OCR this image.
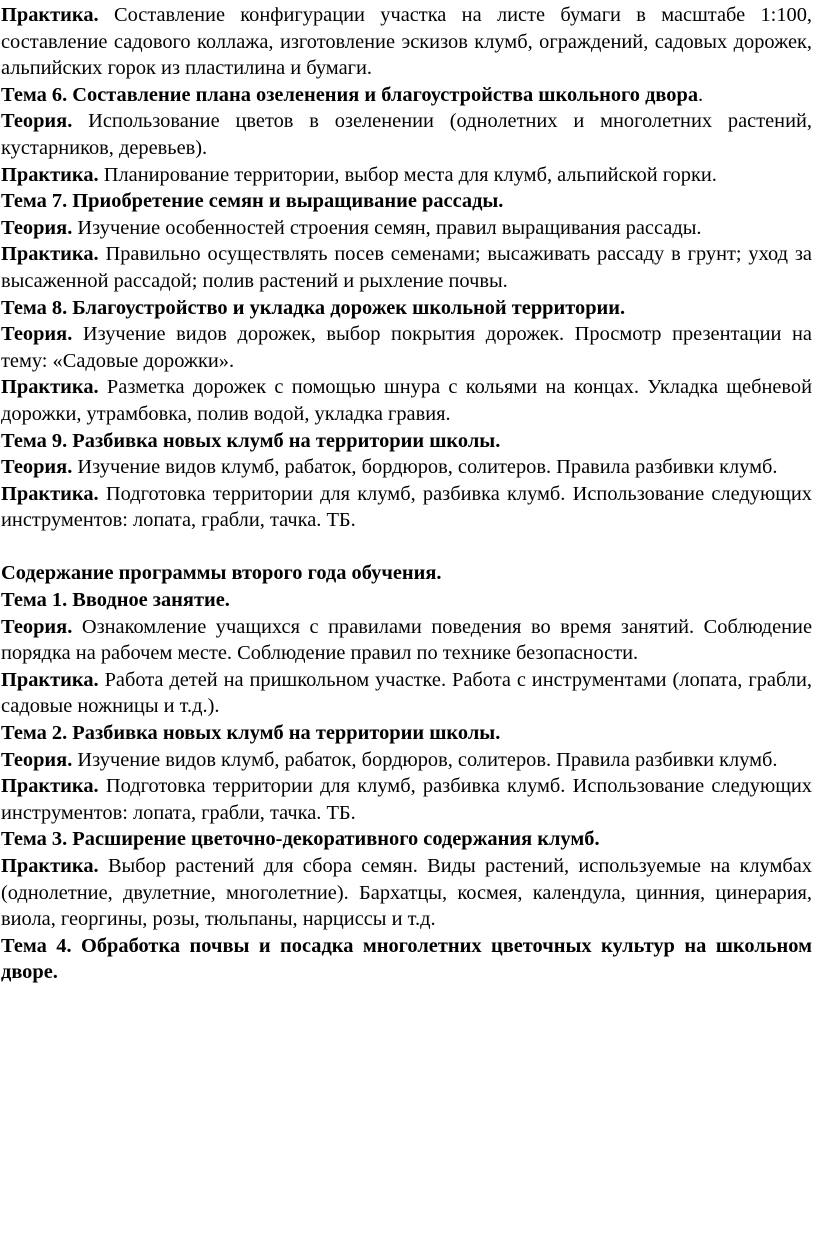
Практика. Составление конфигурации участка на листе бумаги в масштабе 1:100, составление садового коллажа, изготовление эскизов клумб, ограждений, садовых дорожек, альпийских горок из пластилина и бумаги.

Тема 6. Составление плана озеленения и благоустройства школьного двора.

Теория. Использование цветов в озеленении (однолетних и многолетних растений, кустарников, деревьев).

Практика. Планирование территории, выбор места для клумб, альпийской горки.

Тема 7. Приобретение семян и выращивание рассады.

Теория. Изучение особенностей строения семян, правил выращивания рассады.

Практика. Правильно осуществлять посев семенами; высаживать рассаду в грунт; уход за высаженной рассадой; полив растений и рыхление почвы.

Тема 8. Благоустройство и укладка дорожек школьной территории.

Теория. Изучение видов дорожек, выбор покрытия дорожек. Просмотр презентации на тему: «Садовые дорожки».

Практика. Разметка дорожек с помощью шнура с кольями на концах. Укладка щебневой дорожки, утрамбовка, полив водой, укладка гравия.

Тема 9. Разбивка новых клумб на территории школы.

Теория. Изучение видов клумб, рабаток, бордюров, солитеров. Правила разбивки клумб.

Практика. Подготовка территории для клумб, разбивка клумб. Использование следующих инструментов: лопата, грабли, тачка. ТБ.

Содержание программы второго года обучения.

Тема 1. Вводное занятие.

Теория. Ознакомление учащихся с правилами поведения во время занятий. Соблюдение порядка на рабочем месте. Соблюдение правил по технике безопасности.

Практика. Работа детей на пришкольном участке. Работа с инструментами (лопата, грабли, садовые ножницы и т.д.).

Тема 2. Разбивка новых клумб на территории школы.

Теория. Изучение видов клумб, рабаток, бордюров, солитеров. Правила разбивки клумб.

Практика. Подготовка территории для клумб, разбивка клумб. Использование следующих инструментов: лопата, грабли, тачка. ТБ.

Тема 3. Расширение цветочно-декоративного содержания клумб.

Практика. Выбор растений для сбора семян. Виды растений, используемые на клумбах (однолетние, двулетние, многолетние). Бархатцы, космея, календула, цинния, цинерария, виола, георгины, розы, тюльпаны, нарциссы и т.д.

Тема 4. Обработка почвы и посадка многолетних цветочных культур на школьном дворе.
